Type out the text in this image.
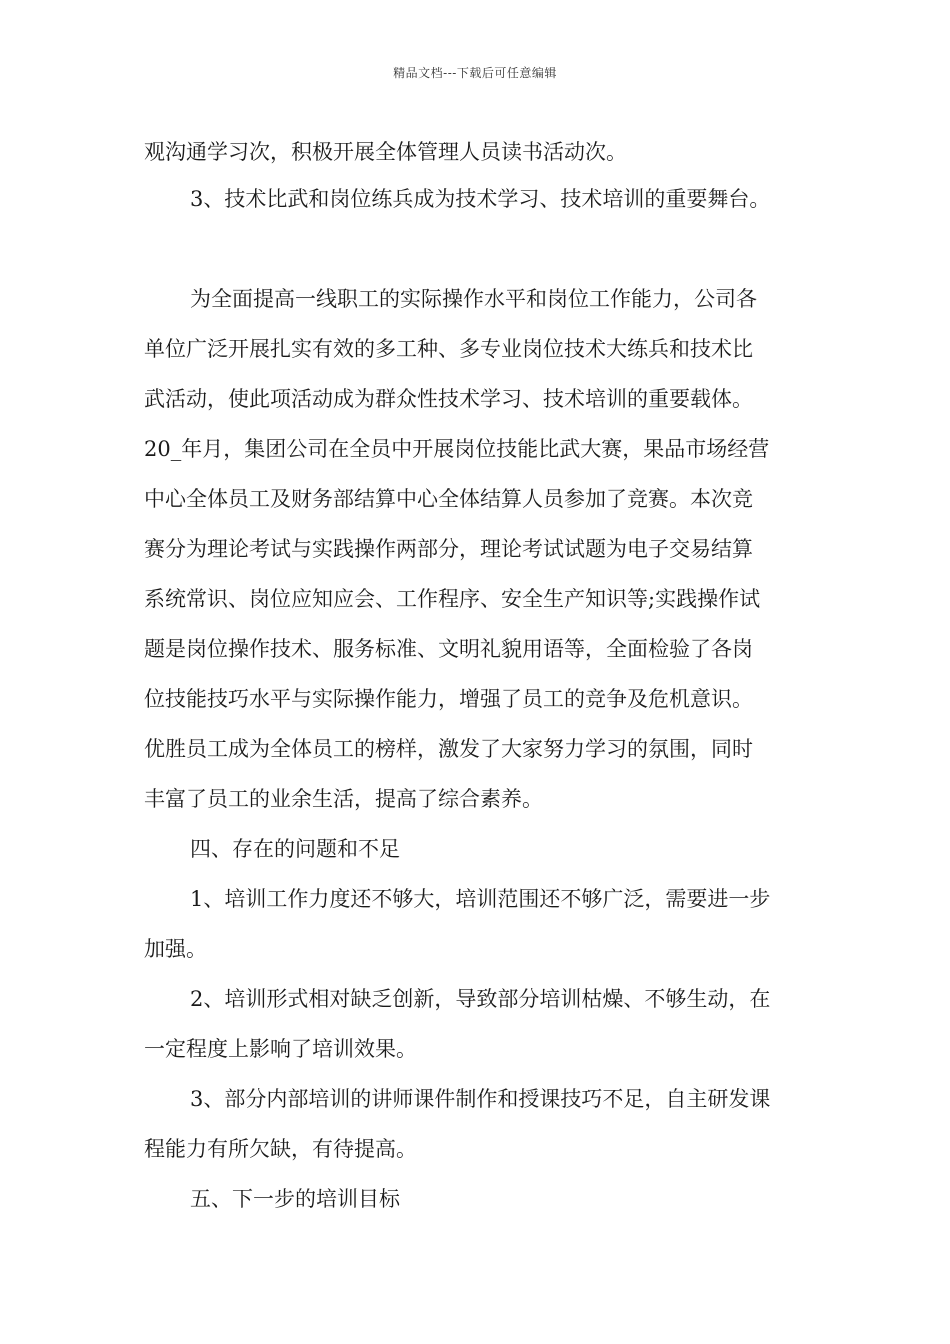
精品文档---下载后可任意编辑
观沟通学习次，积极开展全体管理人员读书活动次。
3、技术比武和岗位练兵成为技术学习、技术培训的重要舞台。
为全面提高一线职工的实际操作水平和岗位工作能力，公司各
单位广泛开展扎实有效的多工种、多专业岗位技术大练兵和技术比
武活动，使此项活动成为群众性技术学习、技术培训的重要载体。
20_年月，集团公司在全员中开展岗位技能比武大赛，果品市场经营
中心全体员工及财务部结算中心全体结算人员参加了竞赛。本次竞
赛分为理论考试与实践操作两部分，理论考试试题为电子交易结算
系统常识、岗位应知应会、工作程序、安全生产知识等;实践操作试
题是岗位操作技术、服务标准、文明礼貌用语等，全面检验了各岗
位技能技巧水平与实际操作能力，增强了员工的竞争及危机意识。
优胜员工成为全体员工的榜样，激发了大家努力学习的氛围，同时
丰富了员工的业余生活，提高了综合素养。
四、存在的问题和不足
1、培训工作力度还不够大，培训范围还不够广泛，需要进一步
加强。
2、培训形式相对缺乏创新，导致部分培训枯燥、不够生动，在
一定程度上影响了培训效果。
3、部分内部培训的讲师课件制作和授课技巧不足，自主研发课
程能力有所欠缺，有待提高。
五、下一步的培训目标
